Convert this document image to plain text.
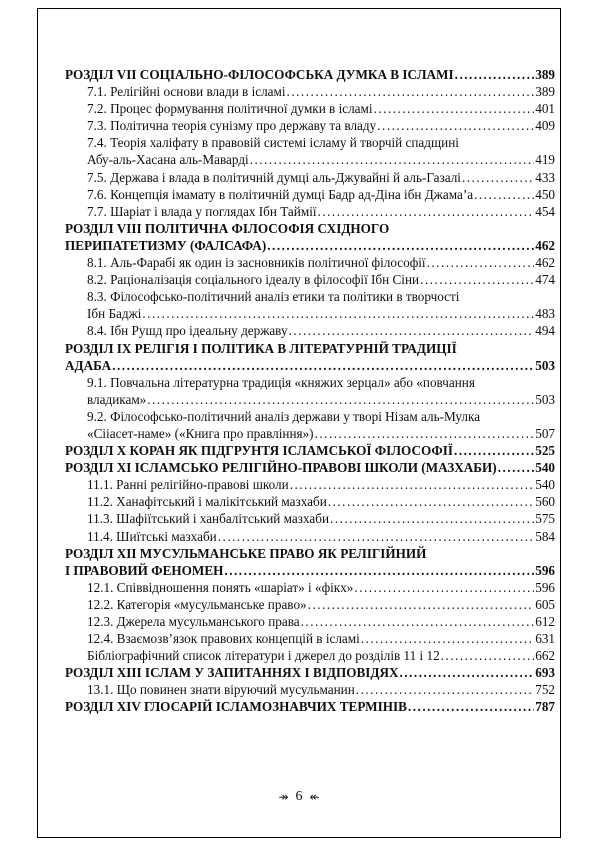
РОЗДІЛ VII СОЦІАЛЬНО-ФІЛОСОФСЬКА ДУМКА В ІСЛАМІ .....	389
7.1. Релігійні основи влади в ісламі .....	389
7.2. Процес формування політичної думки в ісламі .....	401
7.3. Політична теорія сунізму про державу та владу .....	409
7.4. Теорія халіфату в правовій системі ісламу й творчій спадщині
Абу-аль-Хасана аль-Маварді .....	419
7.5. Держава і влада в політичній думці аль-Джувайні й аль-Газалі .....	433
7.6. Концепція імамату в політичній думці Бадр ад-Діна ібн Джама’а .....	450
7.7. Шаріат і влада у поглядах Ібн Таймії .....	454
РОЗДІЛ VIII ПОЛІТИЧНА ФІЛОСОФІЯ СХІДНОГО
ПЕРИПАТЕТИЗМУ (ФАЛСАФА) .....	462
8.1. Аль-Фарабі як один із засновників політичної філософії .....	462
8.2. Раціоналізація соціального ідеалу в філософії Ібн Сіни .....	474
8.3. Філософсько-політичний аналіз етики та політики в творчості
Ібн Баджі .....	483
8.4. Ібн Рушд про ідеальну державу .....	494
РОЗДІЛ IX РЕЛІГІЯ І ПОЛІТИКА В ЛІТЕРАТУРНІЙ ТРАДИЦІЇ
АДАБА .....	503
9.1. Повчальна літературна традиція «княжих зерцал» або «повчання
владикам» .....	503
9.2. Філософсько-політичний аналіз держави у творі Нізам аль-Мулка
«Сііасет-наме» («Книга про правління») .....	507
РОЗДІЛ X КОРАН ЯК ПІДГРУНТЯ ІСЛАМСЬКОЇ ФІЛОСОФІЇ .....	525
РОЗДІЛ XI ІСЛАМСЬКО РЕЛІГІЙНО-ПРАВОВІ ШКОЛИ (МАЗХАБИ) .....	540
11.1. Ранні релігійно-правові школи .....	540
11.2. Ханафітський і малікітський мазхаби .....	560
11.3. Шафіїтський і ханбалітський мазхаби .....	575
11.4. Шиїтські мазхаби .....	584
РОЗДІЛ XII МУСУЛЬМАНСЬКЕ ПРАВО ЯК РЕЛІГІЙНИЙ
І ПРАВОВИЙ ФЕНОМЕН .....	596
12.1. Співвідношення понять «шаріат» і «фікх» .....	596
12.2. Категорія «мусульманське право» .....	605
12.3. Джерела мусульманського права .....	612
12.4. Взаємозв’язок правових концепцій в ісламі .....	631
Бібліографічний список літератури і джерел до розділів 11 і 12 .....	662
РОЗДІЛ XIII ІСЛАМ У ЗАПИТАННЯХ І ВІДПОВІДЯХ .....	693
13.1. Що повинен знати віруючий мусульманин .....	752
РОЗДІЛ XIV ГЛОСАРІЙ ІСЛАМОЗНАВЧИХ ТЕРМІНІВ .....	787
↠ 6 ↞
